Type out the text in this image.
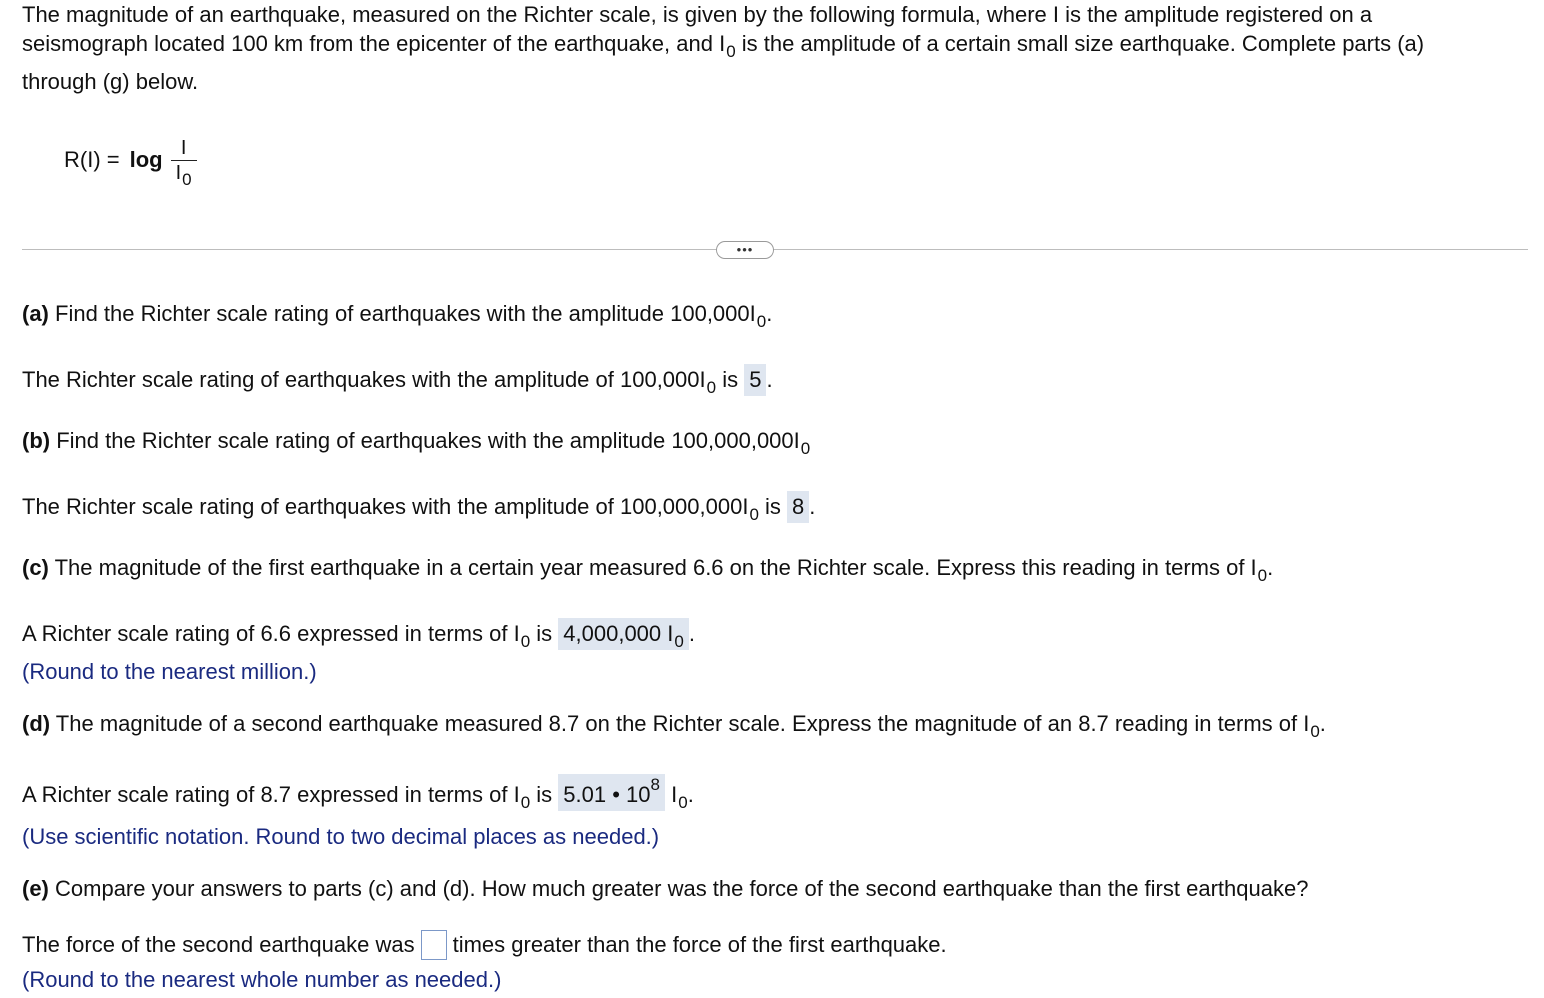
The magnitude of an earthquake, measured on the Richter scale, is given by the following formula, where I is the amplitude registered on a
seismograph located 100 km from the epicenter of the earthquake, and $I_0$ is the amplitude of a certain small size earthquake. Complete parts (a)
through (g) below.
$R(I) = \log \frac{I}{I_0}$
•••
(a) Find the Richter scale rating of earthquakes with the amplitude $100,000I_0$.
The Richter scale rating of earthquakes with the amplitude of $100,000I_0$ is 5 .
(b) Find the Richter scale rating of earthquakes with the amplitude $100,000,000I_0$
The Richter scale rating of earthquakes with the amplitude of $100,000,000I_0$ is 8 .
(c) The magnitude of the first earthquake in a certain year measured 6.6 on the Richter scale. Express this reading in terms of $I_0$.
A Richter scale rating of 6.6 expressed in terms of $I_0$ is 4,000,000 $I_0$ .
(Round to the nearest million.)
(d) The magnitude of a second earthquake measured 8.7 on the Richter scale. Express the magnitude of an 8.7 reading in terms of $I_0$.
A Richter scale rating of 8.7 expressed in terms of $I_0$ is 5.01 • $10^8$ $I_0$.
(Use scientific notation. Round to two decimal places as needed.)
(e) Compare your answers to parts (c) and (d). How much greater was the force of the second earthquake than the first earthquake?
The force of the second earthquake was times greater than the force of the first earthquake.
(Round to the nearest whole number as needed.)
